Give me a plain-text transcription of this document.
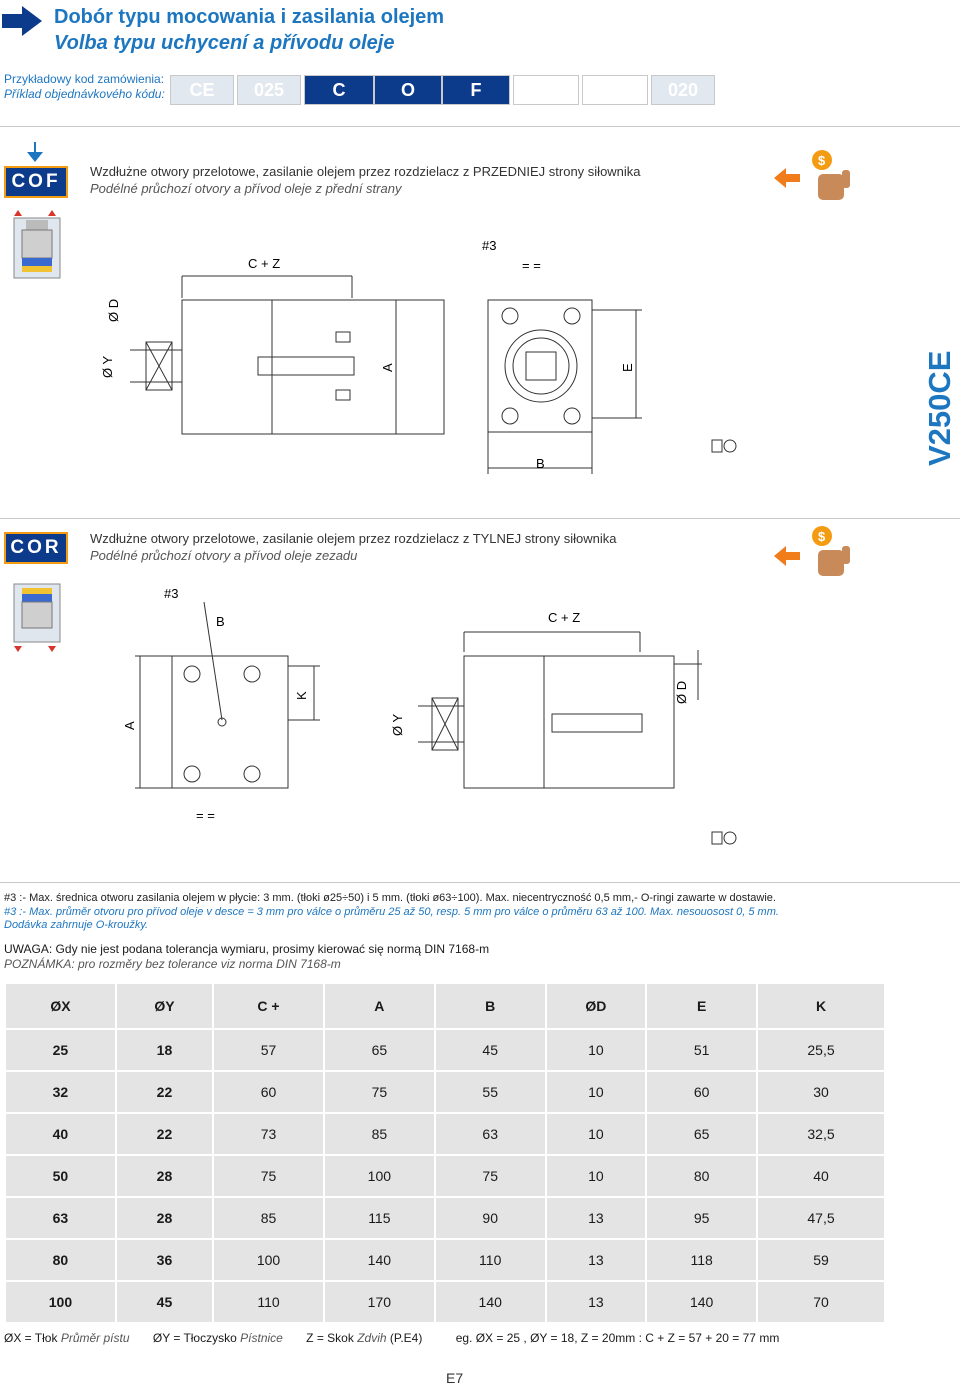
Dobór typu mocowania i zasilania olejem
Volba typu uchycení a přívodu oleje
Przykładowy kod zamówienia:
Příklad objednávkového kódu:	CE	025	C	O	F	020
COF	Wzdłużne otwory przelotowe, zasilanie olejem przez rozdzielacz z PRZEDNIEJ strony siłownika
Podélné průchozí otvory a přívod oleje z přední strany
$
C + Z
#3
= =
Ø D
Ø Y	A	E
B	V250CE
COR	Wzdłużne otwory przelotowe, zasilanie olejem przez rozdzielacz z TYLNEJ strony siłownika
Podélné průchozí otvory a přívod oleje zezadu
$
#3
B	C + Z
A
K
Ø Y
Ø D
= =
#3 :- Max. średnica otworu zasilania olejem w płycie: 3 mm. (tłoki ø25÷50) i 5 mm. (tłoki ø63÷100). Max. niecentryczność 0,5 mm,- O-ringi zawarte w dostawie.
#3 :- Max. průměr otvoru pro přívod oleje v desce = 3 mm pro válce o průměru 25 až 50, resp. 5 mm pro válce o průměru 63 až 100. Max. nesouosost 0, 5 mm.
Dodávka zahrnuje O-kroužky.
UWAGA: Gdy nie jest podana tolerancja wymiaru, prosimy kierować się normą DIN 7168-m
POZNÁMKA: pro rozměry bez tolerance viz norma DIN 7168-m
ØX	ØY	C +	A	B	ØD	E	K
25	18	57	65	45	10	51	25,5
32	22	60	75	55	10	60	30
40	22	73	85	63	10	65	32,5
50	28	75	100	75	10	80	40
63	28	85	115	90	13	95	47,5
80	36	100	140	110	13	118	59
100	45	110	170	140	13	140	70
ØX = Tłok Průměr pístu ØY = Tłoczysko Pístnice Z = Skok Zdvih (P.E4)	eg. ØX = 25 , ØY = 18, Z = 20mm : C + Z = 57 + 20 = 77 mm
E7
